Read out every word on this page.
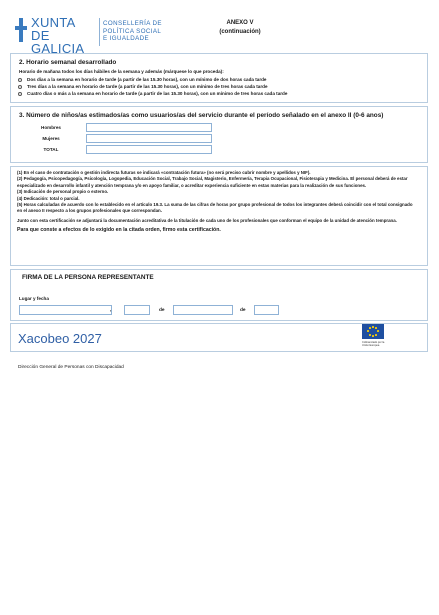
XUNTA
DE GALICIA
CONSELLERÍA DE
POLÍTICA SOCIAL
E IGUALDADE
ANEXO V
(continuación)
2. Horario semanal desarrollado
Horario de mañana todos los días hábiles de la semana y además (márquese lo que proceda):
Dos días a la semana en horario de tarde (a partir de las 15.30 horas), con un mínimo de dos horas cada tarde
Tres días a la semana en horario de tarde (a partir de las 15.30 horas), con un mínimo de tres horas cada tarde
Cuatro días o más a la semana en horario de tarde (a partir de las 15.30 horas), con un mínimo de tres horas cada tarde
3. Número de niños/as estimados/as como usuarios/as del servicio durante el período señalado en el anexo II (0-6 anos)
Hombres
Mujeres
TOTAL
(1) En el caso de contratación o gestión indirecta futuras se indicará «contratación futura» (no será preciso cubrir nombre y apellidos y NIF).
(2) Pedagogía, Psicopedagogía, Psicología, Logopedia, Educación Social, Trabajo Social, Magisterio, Enfermería, Terapia Ocupacional, Fisioterapia y Medicina. El personal deberá de estar especializado en desarrollo infantil y atención temprana y/o en apoyo familiar, o acreditar experiencia suficiente en estas materias para la realización de sus funciones.
(3) Indicación de personal propio o externo.
(4) Dedicación: total o parcial.
(5) Horas calculadas de acuerdo con lo establecido en el artículo 19.3. La suma de las cifras de horas por grupo profesional de todos los integrantes deberá coincidir con el total consignado en el anexo II respecto a los grupos profesionales que correspondan.
Junto con esta certificación se adjuntará la documentación acreditativa de la titulación de cada uno de los profesionales que conforman el equipo de la unidad de atención temprana.
Para que conste a efectos de lo exigido en la citada orden, firmo esta certificación.
FIRMA DE LA PERSONA REPRESENTANTE
Lugar y fecha
,	de	de
Xacobeo 2027	Cofinanciado por la
Unión Europea
Dirección General de Personas con Discapacidad
